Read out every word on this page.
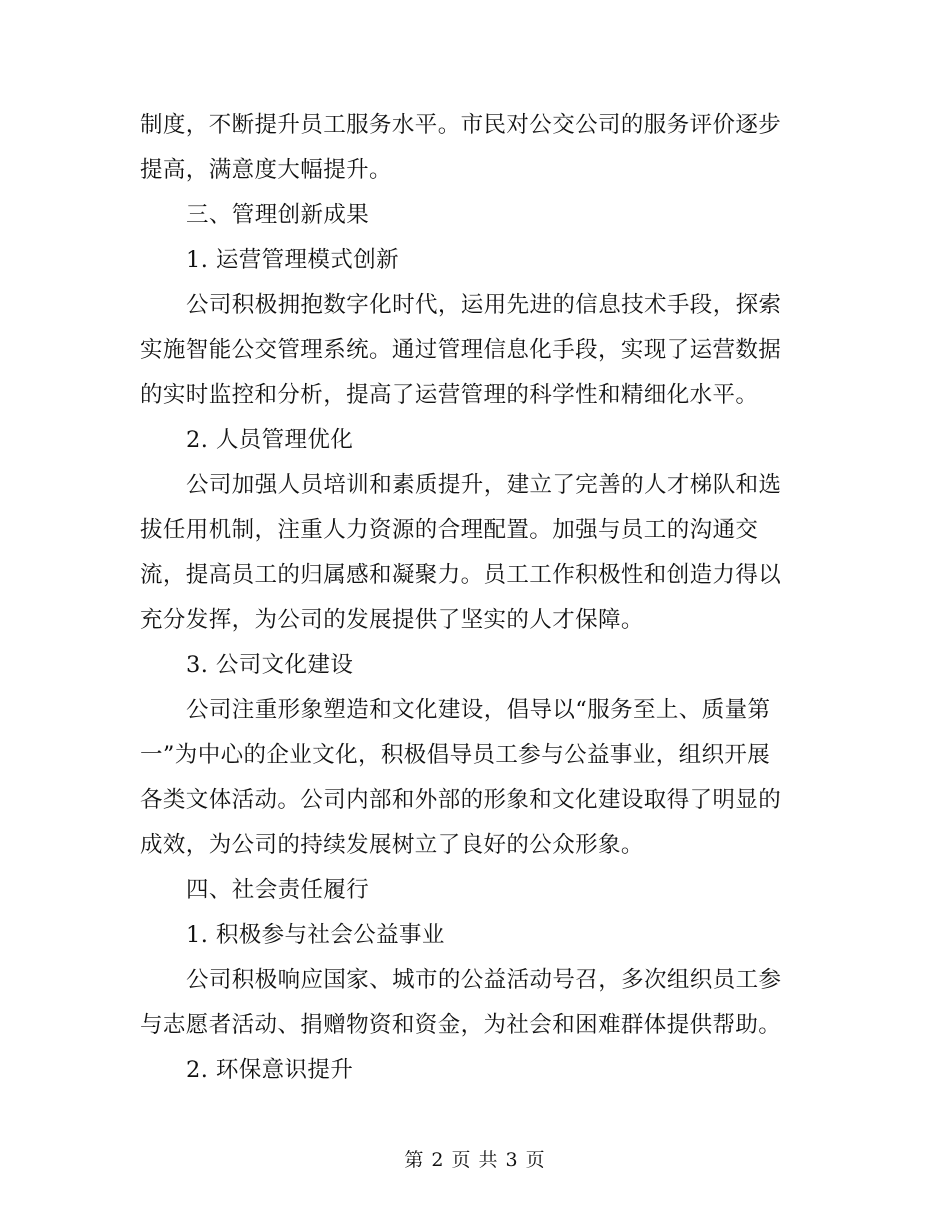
制度，不断提升员工服务水平。市民对公交公司的服务评价逐步
提高，满意度大幅提升。
三、管理创新成果
1. 运营管理模式创新
公司积极拥抱数字化时代，运用先进的信息技术手段，探索
实施智能公交管理系统。通过管理信息化手段，实现了运营数据
的实时监控和分析，提高了运营管理的科学性和精细化水平。
2. 人员管理优化
公司加强人员培训和素质提升，建立了完善的人才梯队和选
拔任用机制，注重人力资源的合理配置。加强与员工的沟通交
流，提高员工的归属感和凝聚力。员工工作积极性和创造力得以
充分发挥，为公司的发展提供了坚实的人才保障。
3. 公司文化建设
公司注重形象塑造和文化建设，倡导以“服务至上、质量第
一”为中心的企业文化，积极倡导员工参与公益事业，组织开展
各类文体活动。公司内部和外部的形象和文化建设取得了明显的
成效，为公司的持续发展树立了良好的公众形象。
四、社会责任履行
1. 积极参与社会公益事业
公司积极响应国家、城市的公益活动号召，多次组织员工参
与志愿者活动、捐赠物资和资金，为社会和困难群体提供帮助。
2. 环保意识提升
第 2 页 共 3 页
